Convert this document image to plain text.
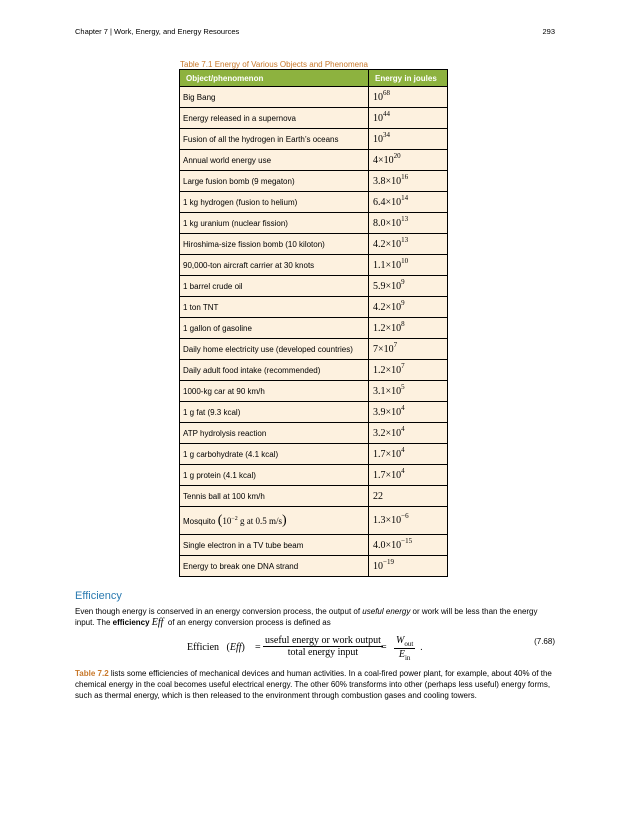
Chapter 7 | Work, Energy, and Energy Resources	293
Table 7.1 Energy of Various Objects and Phenomena
Object/phenomenon	Energy in joules
Big Bang	$10^{68}$
Energy released in a supernova	$10^{44}$
Fusion of all the hydrogen in Earth’s oceans	$10^{34}$
Annual world energy use	$4\times 10^{20}$
Large fusion bomb (9 megaton)	$3.8\times 10^{16}$
1 kg hydrogen (fusion to helium)	$6.4\times 10^{14}$
1 kg uranium (nuclear fission)	$8.0\times 10^{13}$
Hiroshima-size fission bomb (10 kiloton)	$4.2\times 10^{13}$
90,000-ton aircraft carrier at 30 knots	$1.1\times 10^{10}$
1 barrel crude oil	$5.9\times 10^9$
1 ton TNT	$4.2\times 10^9$
1 gallon of gasoline	$1.2\times 10^8$
Daily home electricity use (developed countries)	$7\times 10^7$
Daily adult food intake (recommended)	$1.2\times 10^7$
1000-kg car at 90 km/h	$3.1\times 10^5$
1 g fat (9.3 kcal)	$3.9\times 10^4$
ATP hydrolysis reaction	$3.2\times 10^4$
1 g carbohydrate (4.1 kcal)	$1.7\times 10^4$
1 g protein (4.1 kcal)	$1.7\times 10^4$
Tennis ball at 100 km/h	22
Mosquito ($10^{-2}$ g at 0.5 m/s)	$1.3\times 10^{-6}$
Single electron in a TV tube beam	$4.0\times 10^{-15}$
Energy to break one DNA strand	$10^{-19}$
Efficiency
Even though energy is conserved in an energy conversion process, the output of useful energy or work will be less than the energy input. The efficiency Eff  of an energy conversion process is defined as
Efficien   (Eff) =
useful energy or work output
total energy input	=
$W_{out}$
$E_{in}$
.
(7.68)
Table 7.2 lists some efficiencies of mechanical devices and human activities. In a coal-fired power plant, for example, about 40% of the chemical energy in the coal becomes useful electrical energy. The other 60% transforms into other (perhaps less useful) energy forms, such as thermal energy, which is then released to the environment through combustion gases and cooling towers.
